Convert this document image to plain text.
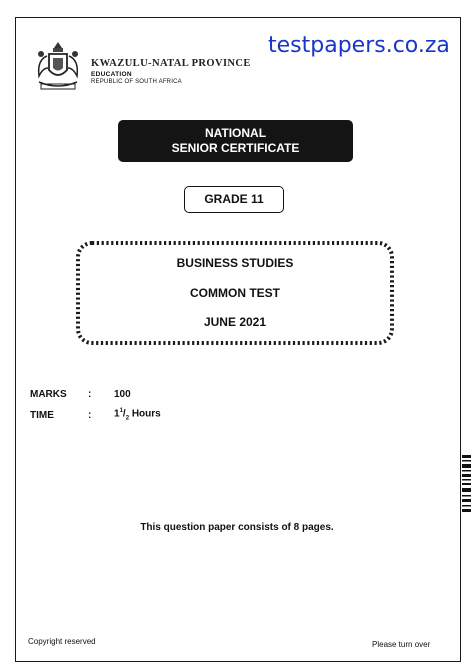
KWAZULU-NATAL PROVINCE
EDUCATION
REPUBLIC OF SOUTH AFRICA
testpapers.co.za
NATIONAL
SENIOR CERTIFICATE
GRADE 11
BUSINESS STUDIES
COMMON TEST
JUNE 2021
MARKS : 100
TIME	: $1^1/_2$ Hours
This question paper consists of 8 pages.
Copyright reserved	Please turn over
